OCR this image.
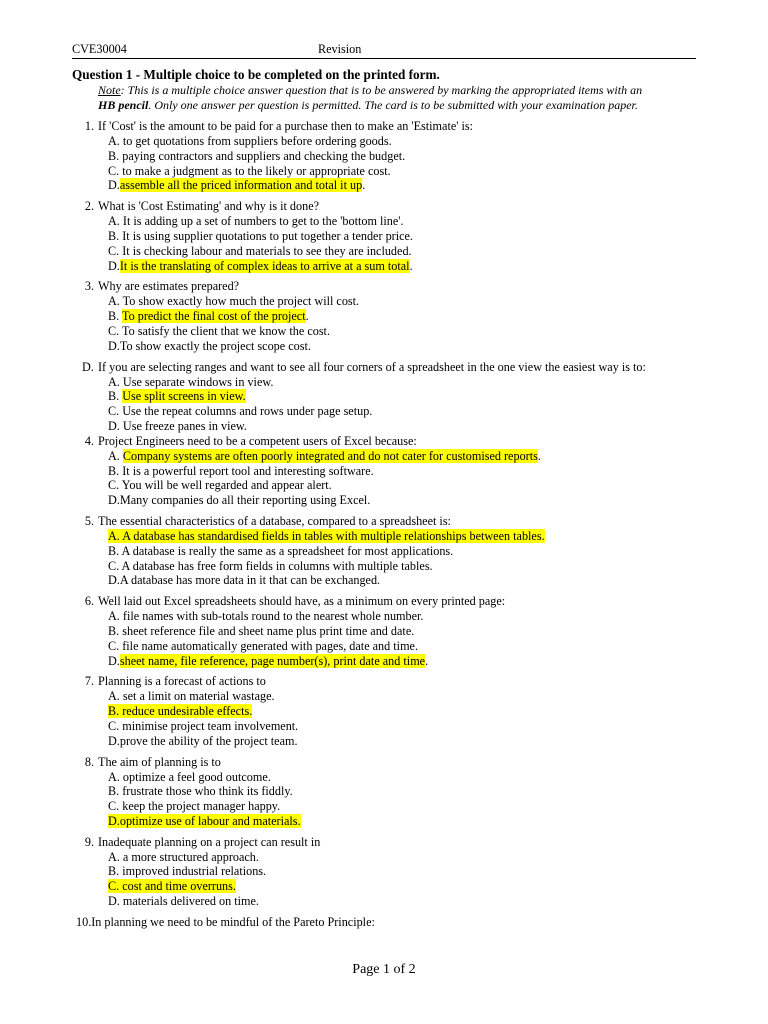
CVE30004	Revision
Question 1 - Multiple choice to be completed on the printed form.
Note: This is a multiple choice answer question that is to be answered by marking the appropriated items with an
HB pencil. Only one answer per question is permitted. The card is to be submitted with your examination paper.
1. If 'Cost' is the amount to be paid for a purchase then to make an 'Estimate' is:
A. to get quotations from suppliers before ordering goods.
B. paying contractors and suppliers and checking the budget.
C. to make a judgment as to the likely or appropriate cost.
D.assemble all the priced information and total it up.
2. What is 'Cost Estimating' and why is it done?
A. It is adding up a set of numbers to get to the 'bottom line'.
B. It is using supplier quotations to put together a tender price.
C. It is checking labour and materials to see they are included.
D.It is the translating of complex ideas to arrive at a sum total.
3. Why are estimates prepared?
A. To show exactly how much the project will cost.
B. To predict the final cost of the project.
C. To satisfy the client that we know the cost.
D.To show exactly the project scope cost.
D. If you are selecting ranges and want to see all four corners of a spreadsheet in the one view the easiest way is to:
A. Use separate windows in view.
B. Use split screens in view.
C. Use the repeat columns and rows under page setup.
D. Use freeze panes in view.
4. Project Engineers need to be a competent users of Excel because:
A. Company systems are often poorly integrated and do not cater for customised reports.
B. It is a powerful report tool and interesting software.
C. You will be well regarded and appear alert.
D.Many companies do all their reporting using Excel.
5. The essential characteristics of a database, compared to a spreadsheet is:
A. A database has standardised fields in tables with multiple relationships between tables.
B. A database is really the same as a spreadsheet for most applications.
C. A database has free form fields in columns with multiple tables.
D.A database has more data in it that can be exchanged.
6. Well laid out Excel spreadsheets should have, as a minimum on every printed page:
A. file names with sub-totals round to the nearest whole number.
B. sheet reference file and sheet name plus print time and date.
C. file name automatically generated with pages, date and time.
D.sheet name, file reference, page number(s), print date and time.
7. Planning is a forecast of actions to
A. set a limit on material wastage.
B. reduce undesirable effects.
C. minimise project team involvement.
D.prove the ability of the project team.
8. The aim of planning is to
A. optimize a feel good outcome.
B. frustrate those who think its fiddly.
C. keep the project manager happy.
D.optimize use of labour and materials.
9. Inadequate planning on a project can result in
A. a more structured approach.
B. improved industrial relations.
C. cost and time overruns.
D. materials delivered on time.
10.In planning we need to be mindful of the Pareto Principle:
Page 1 of 2
